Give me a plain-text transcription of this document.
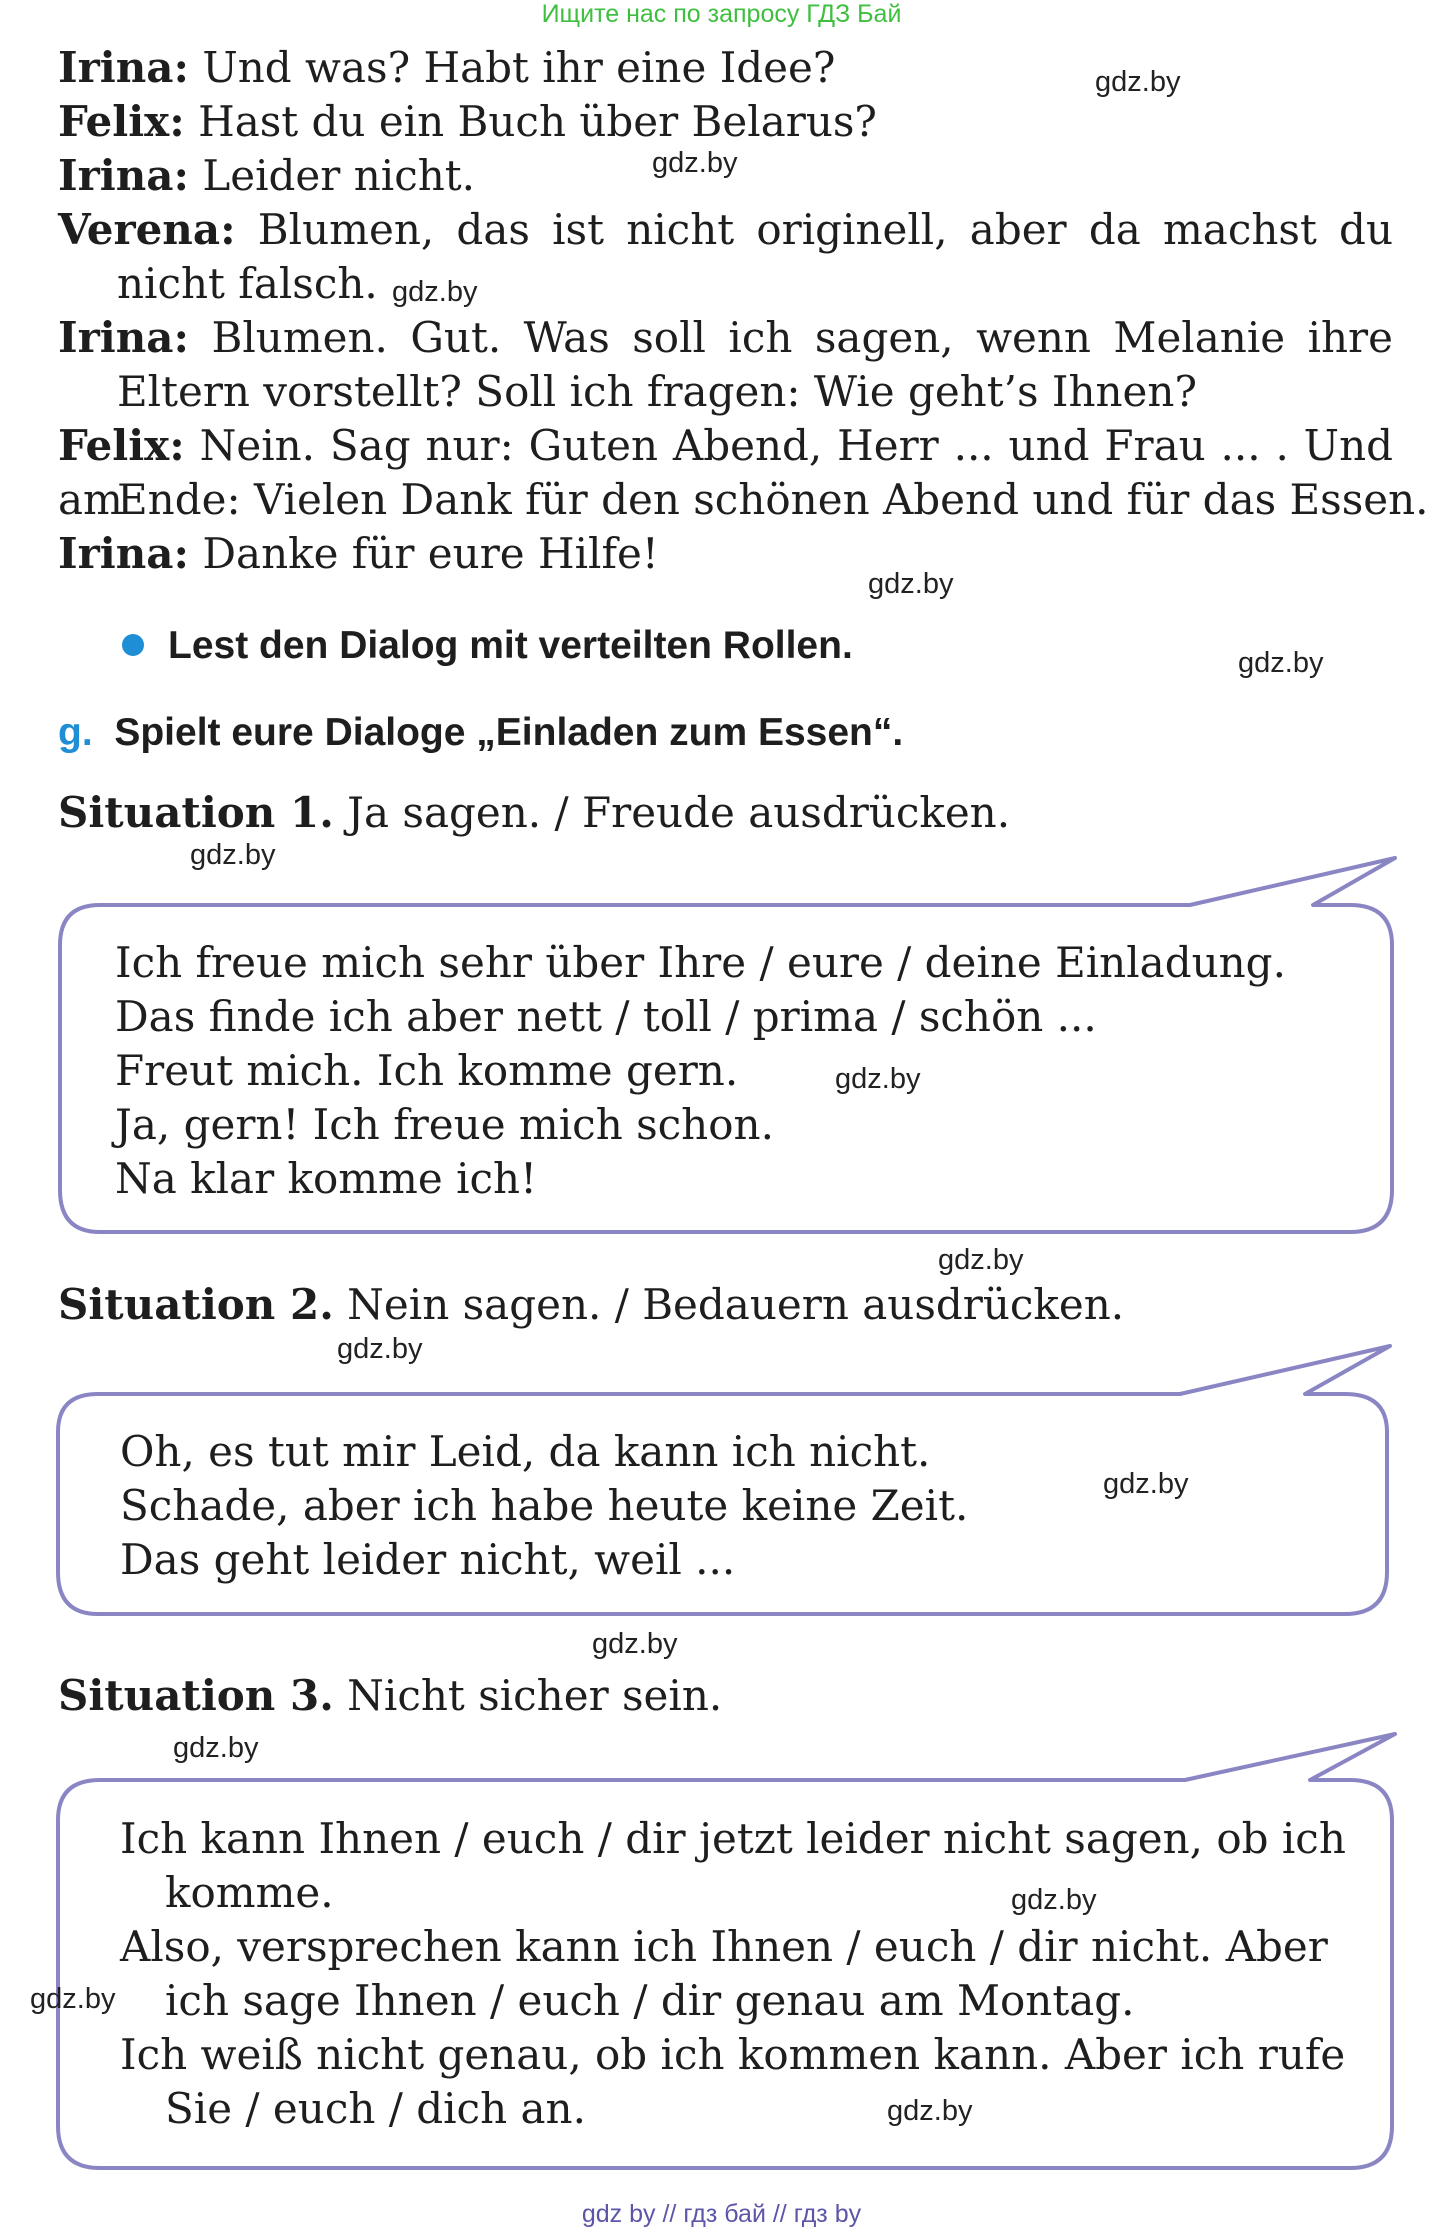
Ищите нас по запросу ГДЗ Бай
Irina: Und was? Habt ihr eine Idee?
Felix: Hast du ein Buch über Belarus?
Irina: Leider nicht.
Verena: Blumen, das ist nicht originell, aber da machst du
nicht falsch.
Irina: Blumen. Gut. Was soll ich sagen, wenn Melanie ihre
Eltern vorstellt? Soll ich fragen: Wie geht’s Ihnen?
Felix: Nein. Sag nur: Guten Abend, Herr ... und Frau ... . Und am
Ende: Vielen Dank für den schönen Abend und für das Essen.
Irina: Danke für eure Hilfe!
Lest den Dialog mit verteilten Rollen.
g. Spielt eure Dialoge „Einladen zum Essen“.
Situation 1. Ja sagen. / Freude ausdrücken.
Ich freue mich sehr über Ihre / eure / deine Einladung.
Das finde ich aber nett / toll / prima / schön ...
Freut mich. Ich komme gern.
Ja, gern! Ich freue mich schon.
Na klar komme ich!
Situation 2. Nein sagen. / Bedauern ausdrücken.
Oh, es tut mir Leid, da kann ich nicht.
Schade, aber ich habe heute keine Zeit.
Das geht leider nicht, weil ...
Situation 3. Nicht sicher sein.
Ich kann Ihnen / euch / dir jetzt leider nicht sagen, ob ich
komme.
Also, versprechen kann ich Ihnen / euch / dir nicht. Aber
ich sage Ihnen / euch / dir genau am Montag.
Ich weiß nicht genau, ob ich kommen kann. Aber ich rufe
Sie / euch / dich an.
gdz.by
gdz.by
gdz.by
gdz.by
gdz.by
gdz.by
gdz.by
gdz.by
gdz.by
gdz.by
gdz.by
gdz.by
gdz.by
gdz.by
gdz.by
gdz by // гдз бай // гдз by
